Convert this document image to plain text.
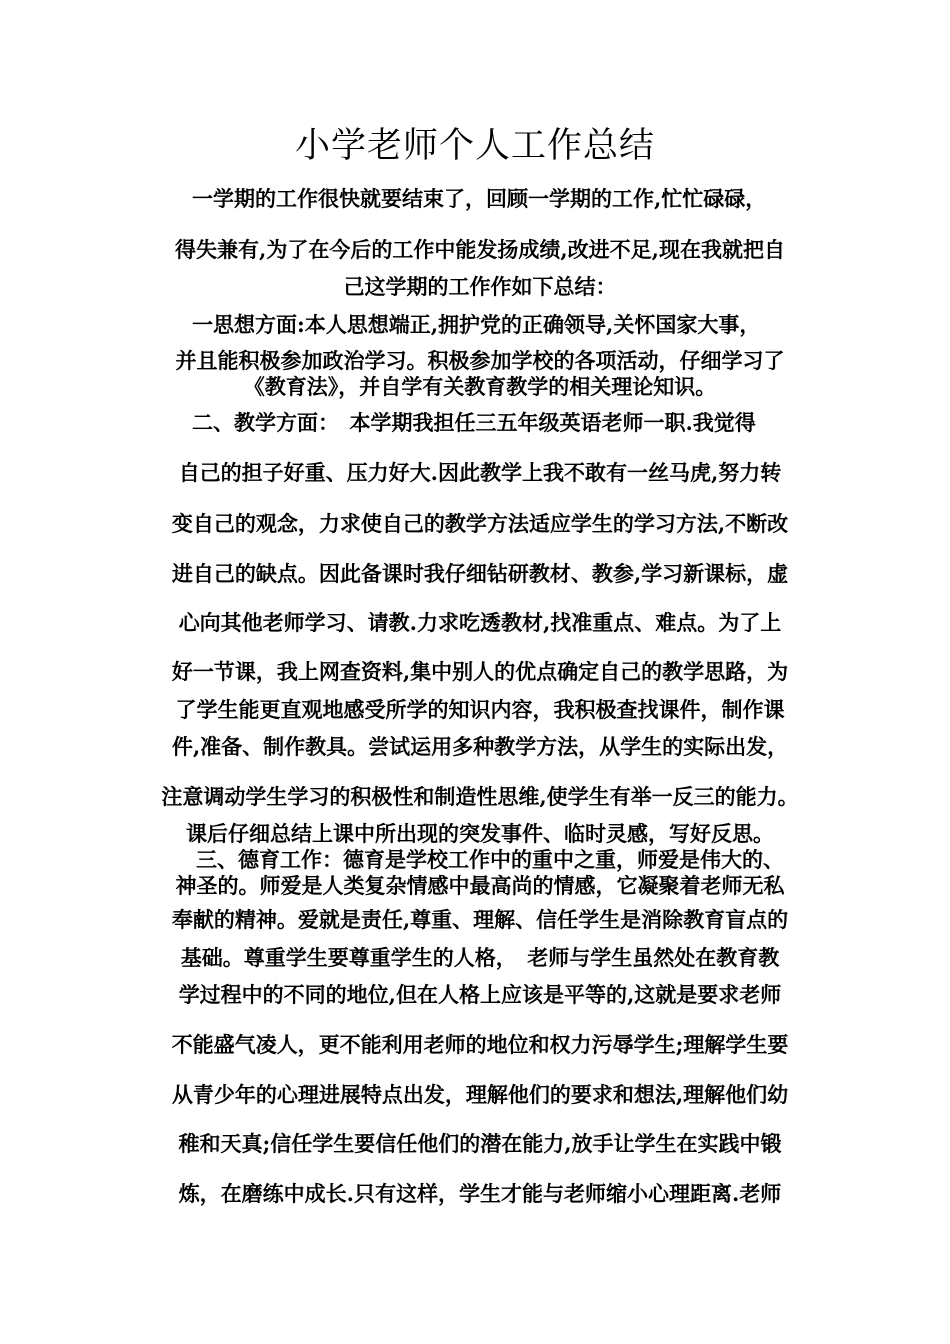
小学老师个人工作总结
一学期的工作很快就要结束了，回顾一学期的工作,忙忙碌碌，
得失兼有,为了在今后的工作中能发扬成绩,改进不足,现在我就把自
己这学期的工作作如下总结：
一思想方面:本人思想端正,拥护党的正确领导,关怀国家大事，
并且能积极参加政治学习。积极参加学校的各项活动，仔细学习了
《教育法》，并自学有关教育教学的相关理论知识。
二、教学方面：　本学期我担任三五年级英语老师一职.我觉得
自己的担子好重、压力好大.因此教学上我不敢有一丝马虎,努力转
变自己的观念，力求使自己的教学方法适应学生的学习方法,不断改
进自己的缺点。因此备课时我仔细钻研教材、教参,学习新课标，虚
心向其他老师学习、请教.力求吃透教材,找准重点、难点。为了上
好一节课，我上网查资料,集中别人的优点确定自己的教学思路，为
了学生能更直观地感受所学的知识内容，我积极查找课件，制作课
件,准备、制作教具。尝试运用多种教学方法，从学生的实际出发，
注意调动学生学习的积极性和制造性思维,使学生有举一反三的能力。
课后仔细总结上课中所出现的突发事件、临时灵感，写好反思。
三、德育工作：德育是学校工作中的重中之重，师爱是伟大的、
神圣的。师爱是人类复杂情感中最高尚的情感，它凝聚着老师无私
奉献的精神。爱就是责任,尊重、理解、信任学生是消除教育盲点的
基础。尊重学生要尊重学生的人格，　老师与学生虽然处在教育教
学过程中的不同的地位,但在人格上应该是平等的,这就是要求老师
不能盛气凌人，更不能利用老师的地位和权力污辱学生;理解学生要
从青少年的心理进展特点出发，理解他们的要求和想法,理解他们幼
稚和天真;信任学生要信任他们的潜在能力,放手让学生在实践中锻
炼，在磨练中成长.只有这样，学生才能与老师缩小心理距离.老师
